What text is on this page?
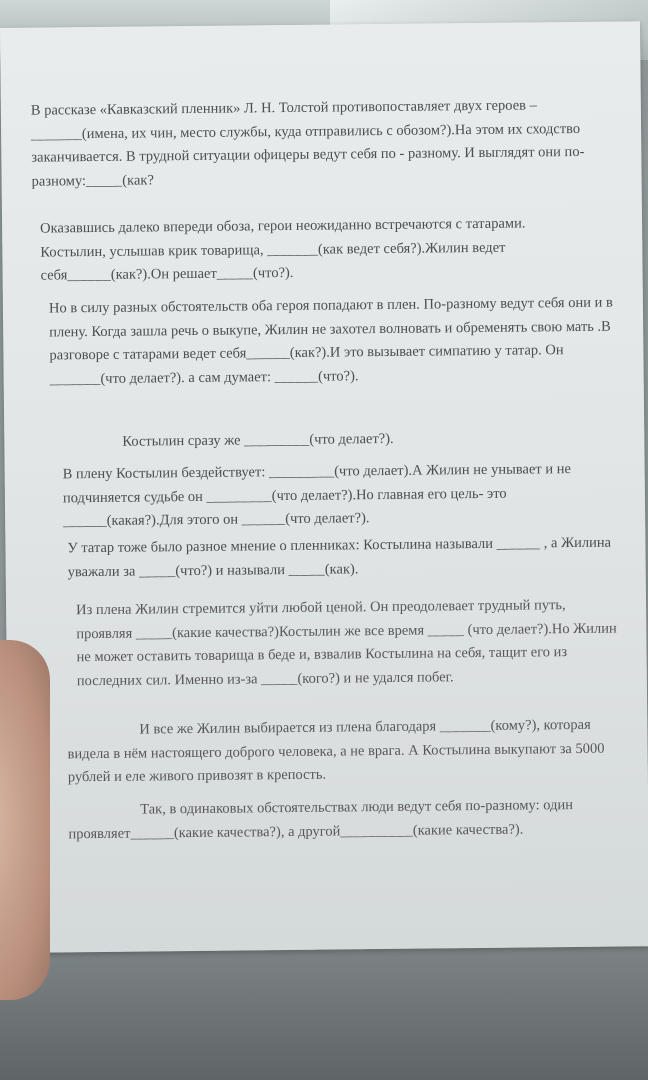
В рассказе «Кавказский пленник» Л. Н. Толстой противопоставляет двух героев – _______(имена, их чин, место службы, куда отправились с обозом?).На этом их сходство заканчивается. В трудной ситуации офицеры ведут себя по - разному. И выглядят они по-разному:_____(как?

Оказавшись далеко впереди обоза, герои неожиданно встречаются с татарами. Костылин, услышав крик товарища, _______(как ведет себя?).Жилин ведет себя______(как?).Он решает_____(что?).

Но в силу разных обстоятельств оба героя попадают в плен. По-разному ведут себя они и в плену. Когда зашла речь о выкупе, Жилин не захотел волновать и обременять свою мать .В разговоре с татарами ведет себя______(как?).И это вызывает симпатию у татар. Он _______(что делает?). а сам думает: ______(что?).

Костылин сразу же _________(что делает?).

В плену Костылин бездействует: _________(что делает).А Жилин не унывает и не подчиняется судьбе он _________(что делает?).Но главная его цель- это ______(какая?).Для этого он ______(что делает?).

У татар тоже было разное мнение о пленниках: Костылина называли ______ , а Жилина уважали за _____(что?) и называли _____(как).

Из плена Жилин стремится уйти любой ценой. Он преодолевает трудный путь, проявляя _____(какие качества?)Костылин же все время _____ (что делает?).Но Жилин не может оставить товарища в беде и, взвалив Костылина на себя, тащит его из последних сил. Именно из-за _____(кого?) и не удался побег.

И все же Жилин выбирается из плена благодаря _______(кому?), которая видела в нём настоящего доброго человека, а не врага. А Костылина выкупают за 5000 рублей и еле живого привозят в крепость.

Так, в одинаковых обстоятельствах люди ведут себя по-разному: один проявляет______(какие качества?), а другой__________(какие качества?).
